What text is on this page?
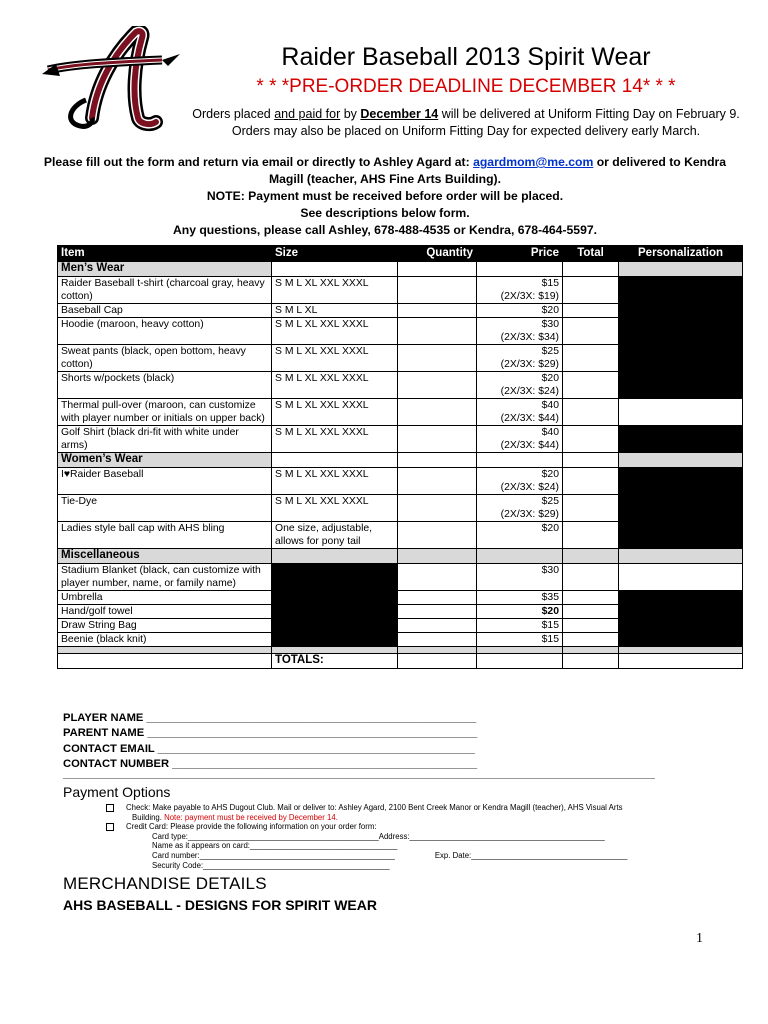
Raider Baseball 2013 Spirit Wear
* * *PRE-ORDER DEADLINE DECEMBER 14* * *
Orders placed and paid for by December 14 will be delivered at Uniform Fitting Day on February 9. Orders may also be placed on Uniform Fitting Day for expected delivery early March.
Please fill out the form and return via email or directly to Ashley Agard at: agardmom@me.com or delivered to Kendra Magill (teacher, AHS Fine Arts Building).
NOTE: Payment must be received before order will be placed.
See descriptions below form.
Any questions, please call Ashley, 678-488-4535 or Kendra, 678-464-5597.
Item	Size	Quantity	Price	Total	Personalization
Men’s Wear					
Raider Baseball t-shirt (charcoal gray, heavy cotton)	S M L XL XXL XXXL		$15
(2X/3X: $19)		

Baseball Cap	S M L XL		$20		

Hoodie (maroon, heavy cotton)	S M L XL XXL XXXL		$30
(2X/3X: $34)		

Sweat pants (black, open bottom, heavy cotton)	S M L XL XXL XXXL		$25
(2X/3X: $29)		

Shorts w/pockets (black)	S M L XL XXL XXXL		$20
(2X/3X: $24)		

Thermal pull-over (maroon, can customize with player number or initials on upper back)	S M L XL XXL XXXL		$40
(2X/3X: $44)		

Golf Shirt (black dri-fit with white under arms)	S M L XL XXL XXXL		$40
(2X/3X: $44)		

Women’s Wear					
I♥Raider Baseball	S M L XL XXL XXXL		$20
(2X/3X: $24)		

Tie-Dye	S M L XL XXL XXXL		$25
(2X/3X: $29)		

Ladies style ball cap with AHS bling	One size, adjustable, allows for pony tail		$20		

Miscellaneous					
Stadium Blanket (black, can customize with player number, name, or family name)			$30		
Umbrella			$35		
Hand/golf towel			$20		
Draw String Bag			$15		
Beenie (black knit)			$15		

	TOTALS:				
PLAYER NAME _____________________________________________________
PARENT NAME _____________________________________________________
CONTACT EMAIL ___________________________________________________
CONTACT NUMBER _________________________________________________
Payment Options
Check: Make payable to AHS Dugout Club. Mail or deliver to: Ashley Agard, 2100 Bent Creek Manor or Kendra Magill (teacher), AHS Visual Arts
Building. Note: payment must be received by December 14.
Credit Card: Please provide the following information on your order form:
Card type:____________________________________________Address:_____________________________________________
Name as it appears on card:__________________________________
Card number:_____________________________________________	Exp. Date:____________________________________
Security Code:___________________________________________
MERCHANDISE DETAILS
AHS BASEBALL - DESIGNS FOR SPIRIT WEAR
1
